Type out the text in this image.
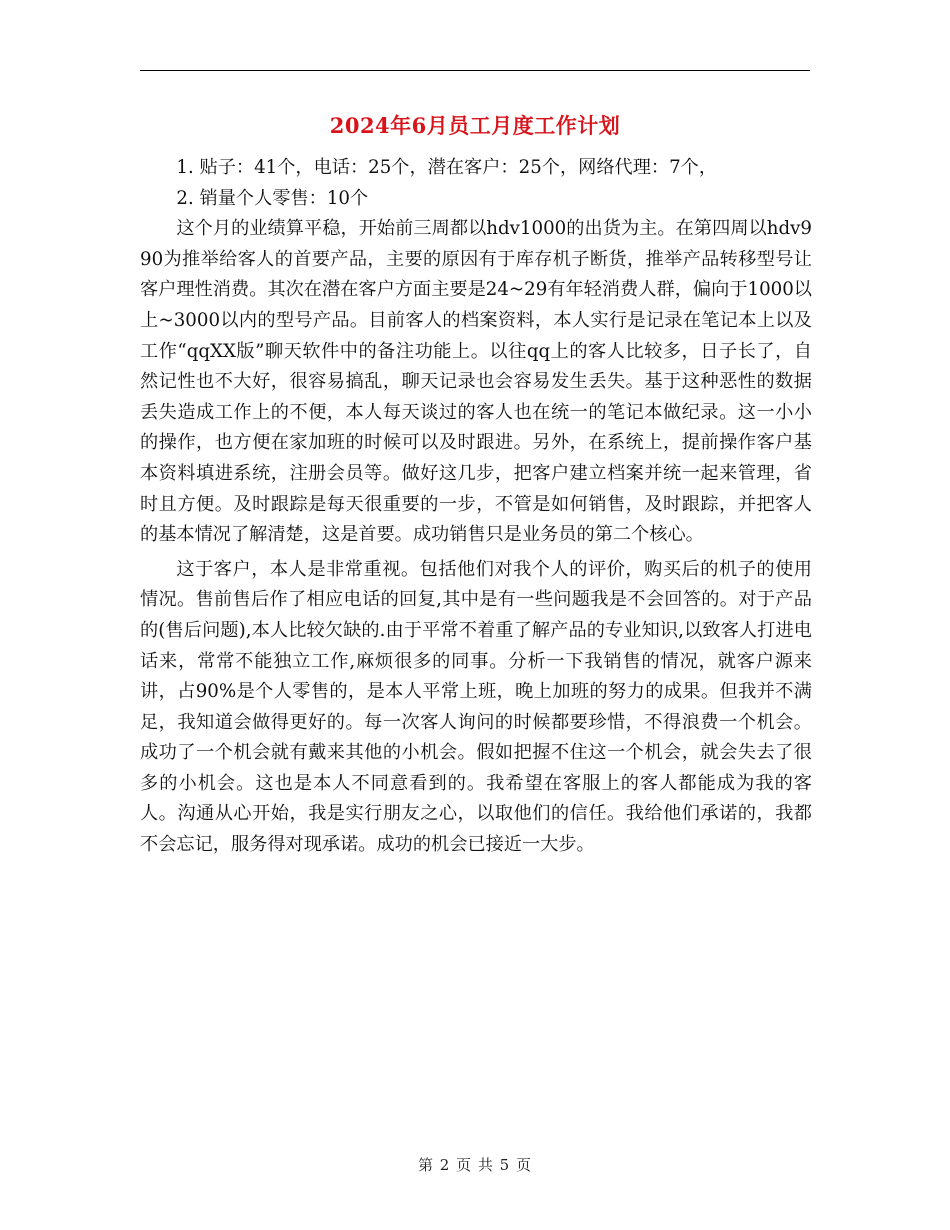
2024年6月员工月度工作计划

1. 贴子：41个，电话：25个，潜在客户：25个，网络代理：7个，

2. 销量个人零售：10个

这个月的业绩算平稳，开始前三周都以hdv1000的出货为主。在第四周以hdv990为推举给客人的首要产品，主要的原因有于库存机子断货，推举产品转移型号让客户理性消费。其次在潜在客户方面主要是24~29有年轻消费人群，偏向于1000以上~3000以内的型号产品。目前客人的档案资料，本人实行是记录在笔记本上以及工作“qqXX版”聊天软件中的备注功能上。以往qq上的客人比较多，日子长了，自然记性也不大好，很容易搞乱，聊天记录也会容易发生丢失。基于这种恶性的数据丢失造成工作上的不便，本人每天谈过的客人也在统一的笔记本做纪录。这一小小的操作，也方便在家加班的时候可以及时跟进。另外，在系统上，提前操作客户基本资料填进系统，注册会员等。做好这几步，把客户建立档案并统一起来管理，省时且方便。及时跟踪是每天很重要的一步，不管是如何销售，及时跟踪，并把客人的基本情况了解清楚，这是首要。成功销售只是业务员的第二个核心。

这于客户，本人是非常重视。包括他们对我个人的评价，购买后的机子的使用情况。售前售后作了相应电话的回复,其中是有一些问题我是不会回答的。对于产品的(售后问题),本人比较欠缺的.由于平常不着重了解产品的专业知识,以致客人打进电话来，常常不能独立工作,麻烦很多的同事。分析一下我销售的情况，就客户源来讲，占90%是个人零售的，是本人平常上班，晚上加班的努力的成果。但我并不满足，我知道会做得更好的。每一次客人询问的时候都要珍惜，不得浪费一个机会。成功了一个机会就有戴来其他的小机会。假如把握不住这一个机会，就会失去了很多的小机会。这也是本人不同意看到的。我希望在客服上的客人都能成为我的客人。沟通从心开始，我是实行朋友之心，以取他们的信任。我给他们承诺的，我都不会忘记，服务得对现承诺。成功的机会已接近一大步。

第 2 页 共 5 页
